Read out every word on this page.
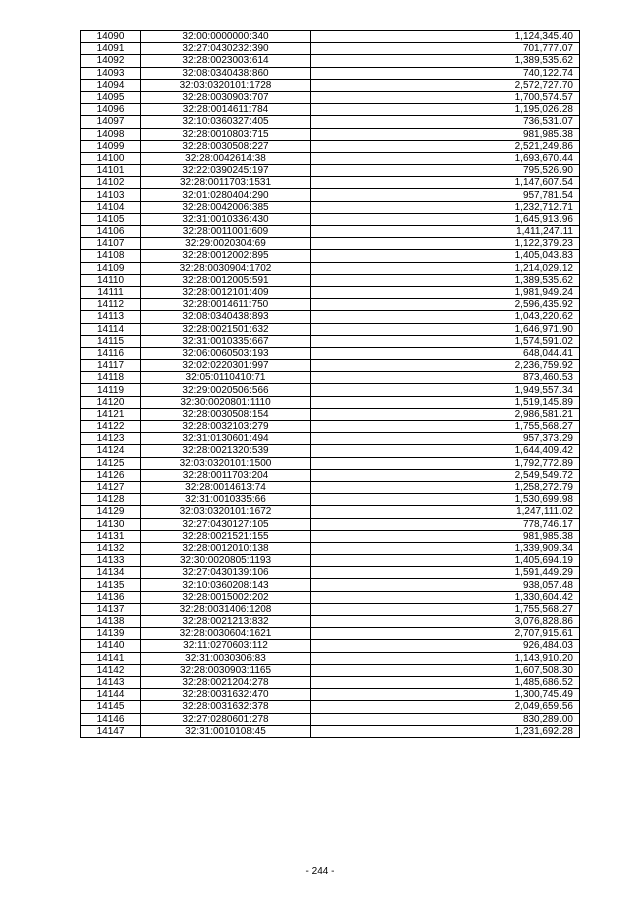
14090	32:00:0000000:340	1,124,345.40
14091	32:27:0430232:390	701,777.07
14092	32:28:0023003:614	1,389,535.62
14093	32:08:0340438:860	740,122.74
14094	32:03:0320101:1728	2,572,727.70
14095	32:28:0030903:707	1,700,574.57
14096	32:28:0014611:784	1,195,026.28
14097	32:10:0360327:405	736,531.07
14098	32:28:0010803:715	981,985.38
14099	32:28:0030508:227	2,521,249.86
14100	32:28:0042614:38	1,693,670.44
14101	32:22:0390245:197	795,526.90
14102	32:28:0011703:1531	1,147,607.54
14103	32:01:0280404:290	957,781.54
14104	32:28:0042006:385	1,232,712.71
14105	32:31:0010336:430	1,645,913.96
14106	32:28:0011001:609	1,411,247.11
14107	32:29:0020304:69	1,122,379.23
14108	32:28:0012002:895	1,405,043.83
14109	32:28:0030904:1702	1,214,029.12
14110	32:28:0012005:591	1,389,535.62
14111	32:28:0012101:409	1,981,949.24
14112	32:28:0014611:750	2,596,435.92
14113	32:08:0340438:893	1,043,220.62
14114	32:28:0021501:632	1,646,971.90
14115	32:31:0010335:667	1,574,591.02
14116	32:06:0060503:193	648,044.41
14117	32:02:0220301:997	2,236,759.92
14118	32:05:0110410:71	873,460.53
14119	32:29:0020506:566	1,949,557.34
14120	32:30:0020801:1110	1,519,145.89
14121	32:28:0030508:154	2,986,581.21
14122	32:28:0032103:279	1,755,568.27
14123	32:31:0130601:494	957,373.29
14124	32:28:0021320:539	1,644,409.42
14125	32:03:0320101:1500	1,792,772.89
14126	32:28:0011703:204	2,549,549.72
14127	32:28:0014613:74	1,258,272.79
14128	32:31:0010335:66	1,530,699.98
14129	32:03:0320101:1672	1,247,111.02
14130	32:27:0430127:105	778,746.17
14131	32:28:0021521:155	981,985.38
14132	32:28:0012010:138	1,339,909.34
14133	32:30:0020805:1193	1,405,694.19
14134	32:27:0430139:106	1,591,449.29
14135	32:10:0360208:143	938,057.48
14136	32:28:0015002:202	1,330,604.42
14137	32:28:0031406:1208	1,755,568.27
14138	32:28:0021213:832	3,076,828.86
14139	32:28:0030604:1621	2,707,915.61
14140	32:11:0270603:112	926,484.03
14141	32:31:0030306:83	1,143,910.20
14142	32:28:0030903:1165	1,607,508.30
14143	32:28:0021204:278	1,485,686.52
14144	32:28:0031632:470	1,300,745.49
14145	32:28:0031632:378	2,049,659.56
14146	32:27:0280601:278	830,289.00
14147	32:31:0010108:45	1,231,692.28
- 244 -
